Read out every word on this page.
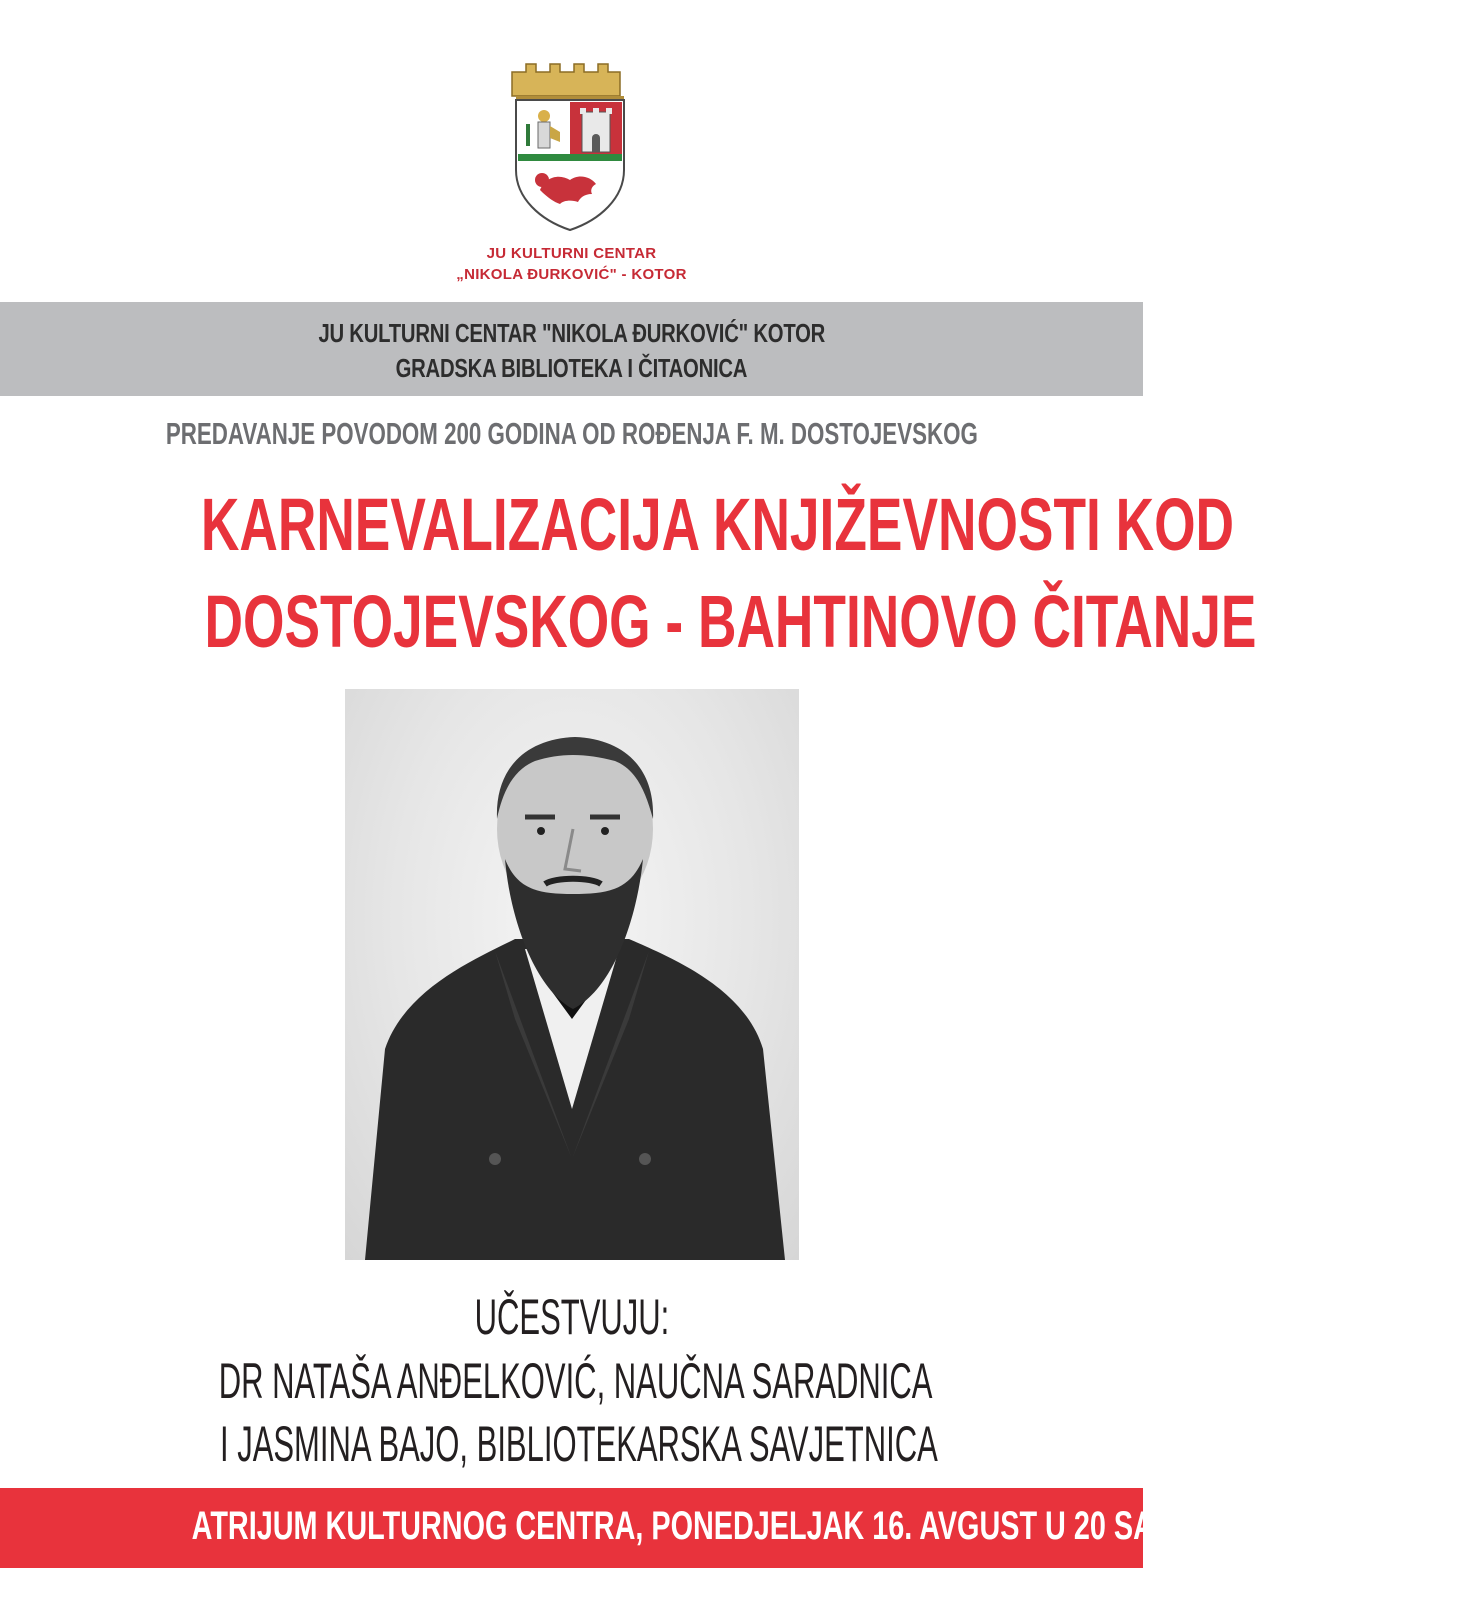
JU KULTURNI CENTAR
„NIKOLA ĐURKOVIĆ" - KOTOR
JU KULTURNI CENTAR "NIKOLA ĐURKOVIĆ" KOTOR
GRADSKA BIBLIOTEKA I ČITAONICA
PREDAVANJE POVODOM 200 GODINA OD ROĐENJA F. M. DOSTOJEVSKOG
KARNEVALIZACIJA KNJIŽEVNOSTI KOD
DOSTOJEVSKOG - BAHTINOVO ČITANJE
UČESTVUJU:
DR NATAŠA ANĐELKOVIĆ, NAUČNA SARADNICA
I JASMINA BAJO, BIBLIOTEKARSKA SAVJETNICA
ATRIJUM KULTURNOG CENTRA, PONEDJELJAK 16. AVGUST U 20 SATI
